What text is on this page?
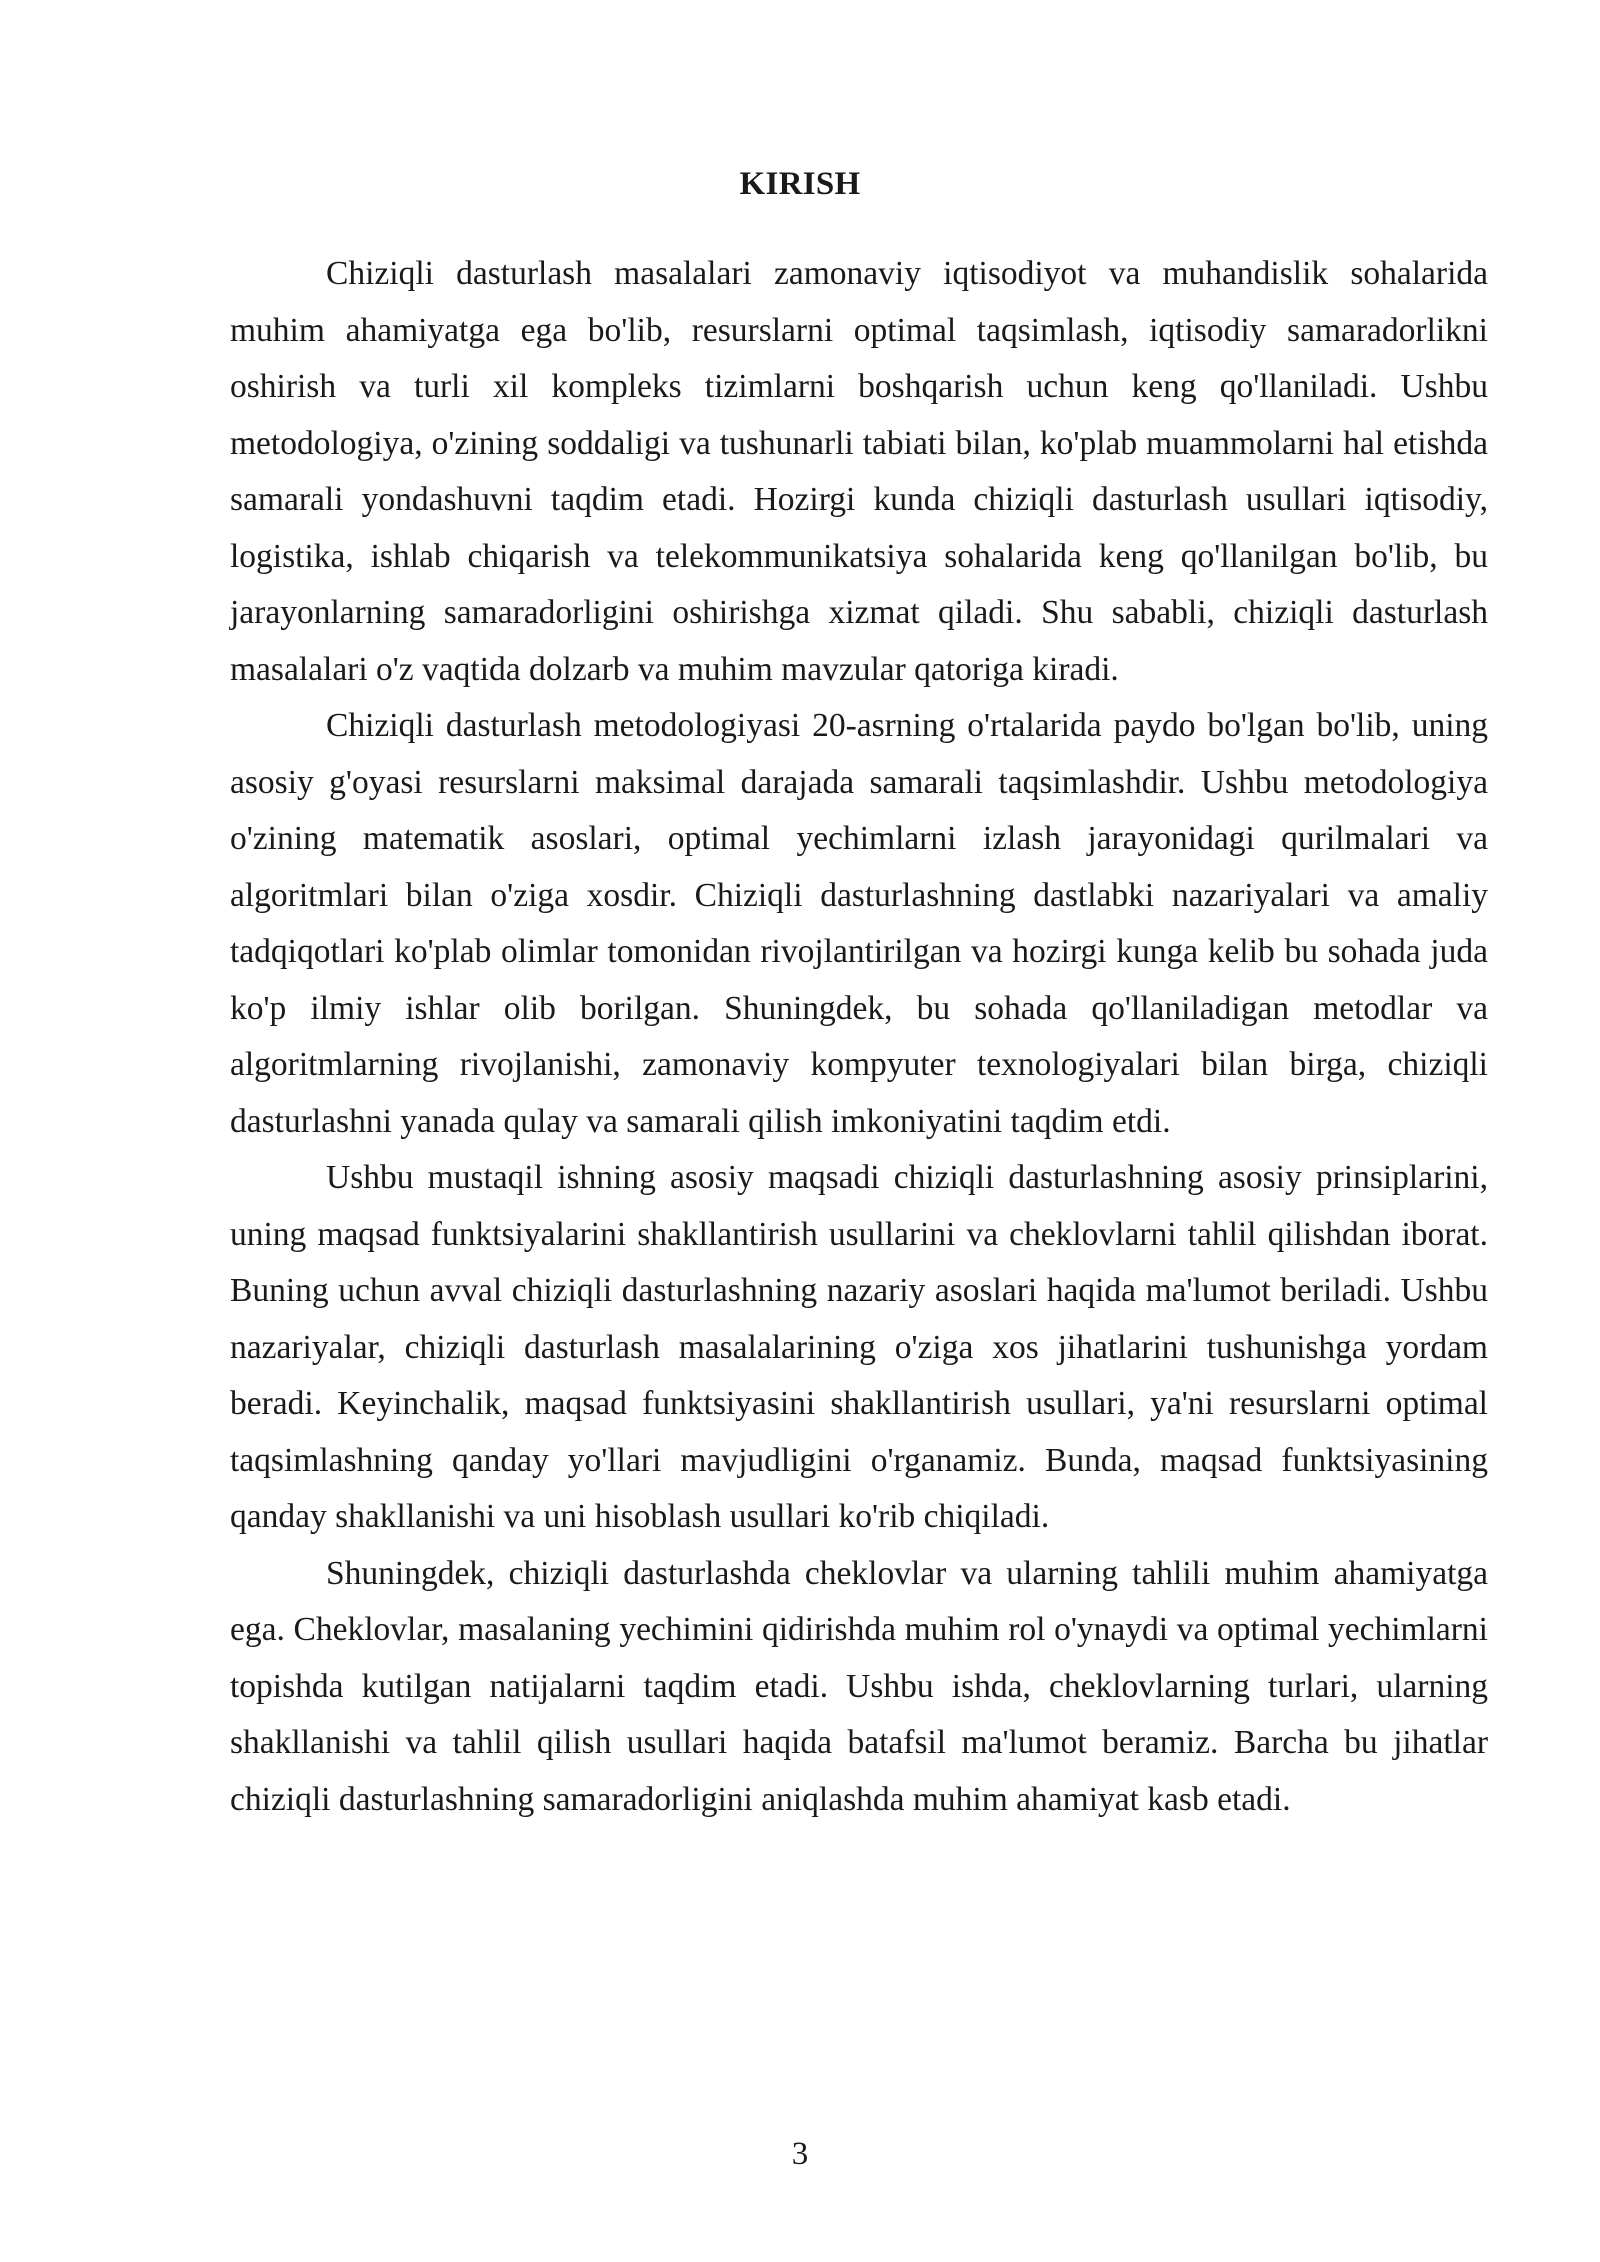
KIRISH

Chiziqli dasturlash masalalari zamonaviy iqtisodiyot va muhandislik sohalarida muhim ahamiyatga ega bo'lib, resurslarni optimal taqsimlash, iqtisodiy samaradorlikni oshirish va turli xil kompleks tizimlarni boshqarish uchun keng qo'llaniladi. Ushbu metodologiya, o'zining soddaligi va tushunarli tabiati bilan, ko'plab muammolarni hal etishda samarali yondashuvni taqdim etadi. Hozirgi kunda chiziqli dasturlash usullari iqtisodiy, logistika, ishlab chiqarish va telekommunikatsiya sohalarida keng qo'llanilgan bo'lib, bu jarayonlarning samaradorligini oshirishga xizmat qiladi. Shu sababli, chiziqli dasturlash masalalari o'z vaqtida dolzarb va muhim mavzular qatoriga kiradi.

Chiziqli dasturlash metodologiyasi 20-asrning o'rtalarida paydo bo'lgan bo'lib, uning asosiy g'oyasi resurslarni maksimal darajada samarali taqsimlashdir. Ushbu metodologiya o'zining matematik asoslari, optimal yechimlarni izlash jarayonidagi qurilmalari va algoritmlari bilan o'ziga xosdir. Chiziqli dasturlashning dastlabki nazariyalari va amaliy tadqiqotlari ko'plab olimlar tomonidan rivojlantirilgan va hozirgi kunga kelib bu sohada juda ko'p ilmiy ishlar olib borilgan. Shuningdek, bu sohada qo'llaniladigan metodlar va algoritmlarning rivojlanishi, zamonaviy kompyuter texnologiyalari bilan birga, chiziqli dasturlashni yanada qulay va samarali qilish imkoniyatini taqdim etdi.

Ushbu mustaqil ishning asosiy maqsadi chiziqli dasturlashning asosiy prinsiplarini, uning maqsad funktsiyalarini shakllantirish usullarini va cheklovlarni tahlil qilishdan iborat. Buning uchun avval chiziqli dasturlashning nazariy asoslari haqida ma'lumot beriladi. Ushbu nazariyalar, chiziqli dasturlash masalalarining o'ziga xos jihatlarini tushunishga yordam beradi. Keyinchalik, maqsad funktsiyasini shakllantirish usullari, ya'ni resurslarni optimal taqsimlashning qanday yo'llari mavjudligini o'rganamiz. Bunda, maqsad funktsiyasining qanday shakllanishi va uni hisoblash usullari ko'rib chiqiladi.

Shuningdek, chiziqli dasturlashda cheklovlar va ularning tahlili muhim ahamiyatga ega. Cheklovlar, masalaning yechimini qidirishda muhim rol o'ynaydi va optimal yechimlarni topishda kutilgan natijalarni taqdim etadi. Ushbu ishda, cheklovlarning turlari, ularning shakllanishi va tahlil qilish usullari haqida batafsil ma'lumot beramiz. Barcha bu jihatlar chiziqli dasturlashning samaradorligini aniqlashda muhim ahamiyat kasb etadi.

3
